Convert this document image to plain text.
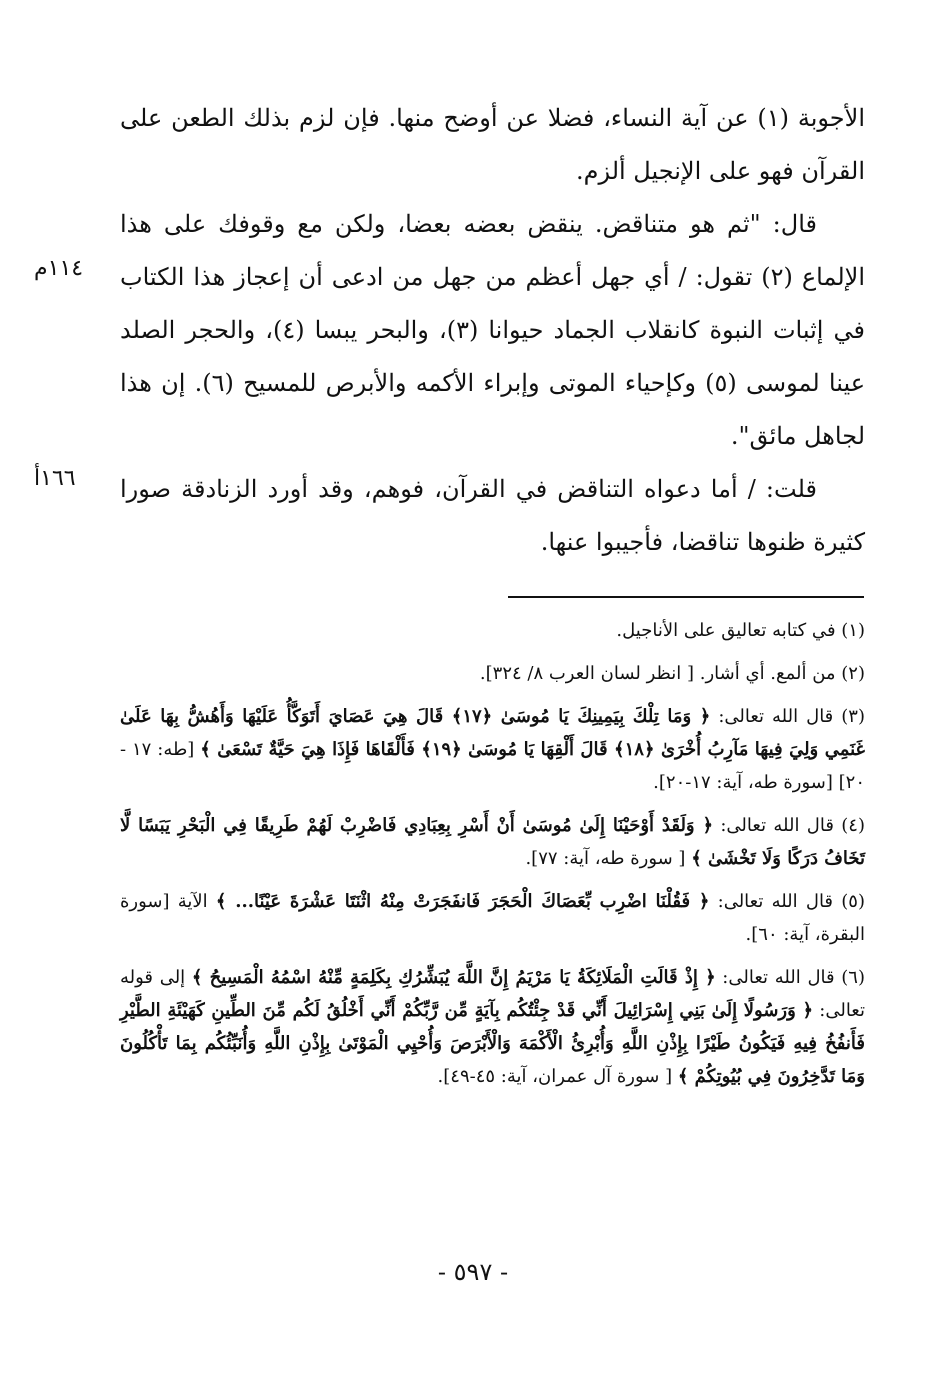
الأجوبة (١) عن آية النساء، فضلا عن أوضح منها. فإن لزم بذلك الطعن على القرآن فهو على الإنجيل ألزم.

قال: "ثم هو متناقض. ينقض بعضه بعضا، ولكن مع وقوفك على هذا الإلماع (٢) تقول: / أي جهل أعظم من جهل من ادعى أن إعجاز هذا الكتاب في إثبات النبوة كانقلاب الجماد حيوانا (٣)، والبحر يبسا (٤)، والحجر الصلد عينا لموسى (٥) وكإحياء الموتى وإبراء الأكمه والأبرص للمسيح (٦). إن هذا لجاهل مائق".

قلت: / أما دعواه التناقض في القرآن، فوهم، وقد أورد الزنادقة صورا كثيرة ظنوها تناقضا، فأجيبوا عنها.

١١٤م
١٦٦أ

(١) في كتابه تعاليق على الأناجيل.

(٢) من ألمع. أي أشار. [ انظر لسان العرب ٨/ ٣٢٤].

(٣) قال الله تعالى: ﴿ وَمَا تِلْكَ بِيَمِينِكَ يَا مُوسَىٰ ﴿١٧﴾ قَالَ هِيَ عَصَايَ أَتَوَكَّأُ عَلَيْهَا وَأَهُشُّ بِهَا عَلَىٰ غَنَمِي وَلِيَ فِيهَا مَآرِبُ أُخْرَىٰ ﴿١٨﴾ قَالَ أَلْقِهَا يَا مُوسَىٰ ﴿١٩﴾ فَأَلْقَاهَا فَإِذَا هِيَ حَيَّةٌ تَسْعَىٰ ﴾ [طه: ١٧ - ٢٠] [سورة طه، آية: ١٧-٢٠].

(٤) قال الله تعالى: ﴿ وَلَقَدْ أَوْحَيْنَا إِلَىٰ مُوسَىٰ أَنْ أَسْرِ بِعِبَادِي فَاضْرِبْ لَهُمْ طَرِيقًا فِي الْبَحْرِ يَبَسًا لَّا تَخَافُ دَرَكًا وَلَا تَخْشَىٰ ﴾ [ سورة طه، آية: ٧٧].

(٥) قال الله تعالى: ﴿ فَقُلْنَا اضْرِب بِّعَصَاكَ الْحَجَرَ فَانفَجَرَتْ مِنْهُ اثْنَتَا عَشْرَةَ عَيْنًا... ﴾ الآية [سورة البقرة، آية: ٦٠].

(٦) قال الله تعالى: ﴿ إِذْ قَالَتِ الْمَلَائِكَةُ يَا مَرْيَمُ إِنَّ اللَّهَ يُبَشِّرُكِ بِكَلِمَةٍ مِّنْهُ اسْمُهُ الْمَسِيحُ ﴾ إلى قوله تعالى: ﴿ وَرَسُولًا إِلَىٰ بَنِي إِسْرَائِيلَ أَنِّي قَدْ جِئْتُكُم بِآيَةٍ مِّن رَّبِّكُمْ أَنِّي أَخْلُقُ لَكُم مِّنَ الطِّينِ كَهَيْئَةِ الطَّيْرِ فَأَنفُخُ فِيهِ فَيَكُونُ طَيْرًا بِإِذْنِ اللَّهِ وَأُبْرِئُ الْأَكْمَهَ وَالْأَبْرَصَ وَأُحْيِي الْمَوْتَىٰ بِإِذْنِ اللَّهِ وَأُنَبِّئُكُم بِمَا تَأْكُلُونَ وَمَا تَدَّخِرُونَ فِي بُيُوتِكُمْ ﴾ [ سورة آل عمران، آية: ٤٥-٤٩].

- ٥٩٧ -
